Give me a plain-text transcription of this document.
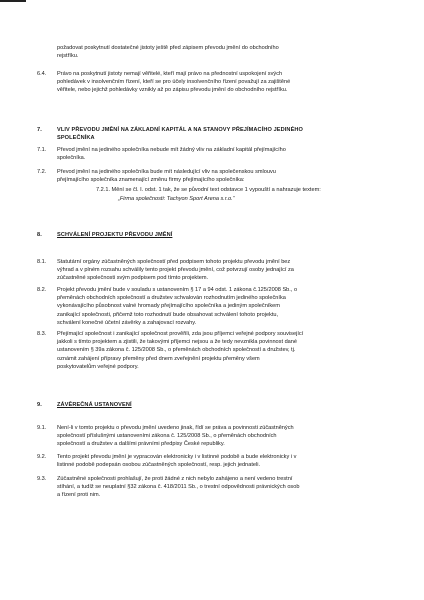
požadovat poskytnutí dostatečné jistoty ještě před zápisem převodu jmění do obchodního
rejstříku.
6.4. Právo na poskytnutí jistoty nemají věřitelé, kteří mají právo na přednostní uspokojení svých
pohledávek v insolvenčním řízení, kteří se pro účely insolvenčního řízení považují za zajištěné
věřitele, nebo jejichž pohledávky vznikly až po zápisu převodu jmění do obchodního rejstříku.
7.	VLIV PŘEVODU JMĚNÍ NA ZÁKLADNÍ KAPITÁL A NA STANOVY PŘEJÍMACÍHO JEDINÉHO
SPOLEČNÍKA
7.1. Převod jmění na jediného společníka nebude mít žádný vliv na základní kapitál přejímajícího
společníka.
7.2. Převod jmění na jediného společníka bude mít následující vliv na společenskou smlouvu
přejímajícího společníka znamenající změnu firmy přejímajícího společníka:
7.2.1. Mění se čl. I. odst. 1 tak, že se původní text odstavce 1 vypouští a nahrazuje textem:
„Firma společnosti: Tachyon Sport Arena s.r.o.“
8.	SCHVÁLENÍ PROJEKTU PŘEVODU JMĚNÍ
8.1. Statutární orgány zúčastněných společností před podpisem tohoto projektu převodu jmění bez
výhrad a v plném rozsahu schválily tento projekt převodu jmění, což potvrzují osoby jednající za
zúčastněné společnosti svým podpisem pod tímto projektem.
8.2. Projekt převodu jmění bude v souladu s ustanovením § 17 a 94 odst. 1 zákona č.125/2008 Sb., o
přeměnách obchodních společností a družstev schvalován rozhodnutím jediného společníka
vykonávajícího působnost valné hromady přejímajícího společníka a jediným společníkem
zanikající společnosti, přičemž toto rozhodnutí bude obsahovat schválení tohoto projektu,
schválení konečné účetní závěrky a zahajovací rozvahy.
8.3. Přejímající společnost i zanikající společnost prověřili, zda jsou příjemci veřejné podpory související
jakkoli s tímto projektem a zjistili, že takovými příjemci nejsou a že tedy nevznikla povinnost dané
ustanovením § 39a zákona č. 125/2008 Sb., o přeměnách obchodních společností a družstev, tj.
oznámit zahájení přípravy přeměny před dnem zveřejnění projektu přeměny všem
poskytovatelům veřejné podpory.
9.	ZÁVĚREČNÁ USTANOVENÍ
9.1. Není-li v tomto projektu o převodu jmění uvedeno jinak, řídí se práva a povinnosti zúčastněných
společností příslušnými ustanoveními zákona č. 125/2008 Sb., o přeměnách obchodních
společností a družstev a dalšími právními předpisy České republiky.
9.2. Tento projekt převodu jmění je vypracován elektronicky i v listinné podobě a bude elektronicky i v
listinné podobě podepsán osobou zúčastněných společností, resp. jejich jednateli.
9.3. Zúčastněné společnosti prohlašují, že proti žádné z nich nebylo zahájeno a není vedeno trestní
stíhání, a tudíž se neuplatní §32 zákona č. 418/2011 Sb., o trestní odpovědnosti právnických osob
a řízení proti nim.
